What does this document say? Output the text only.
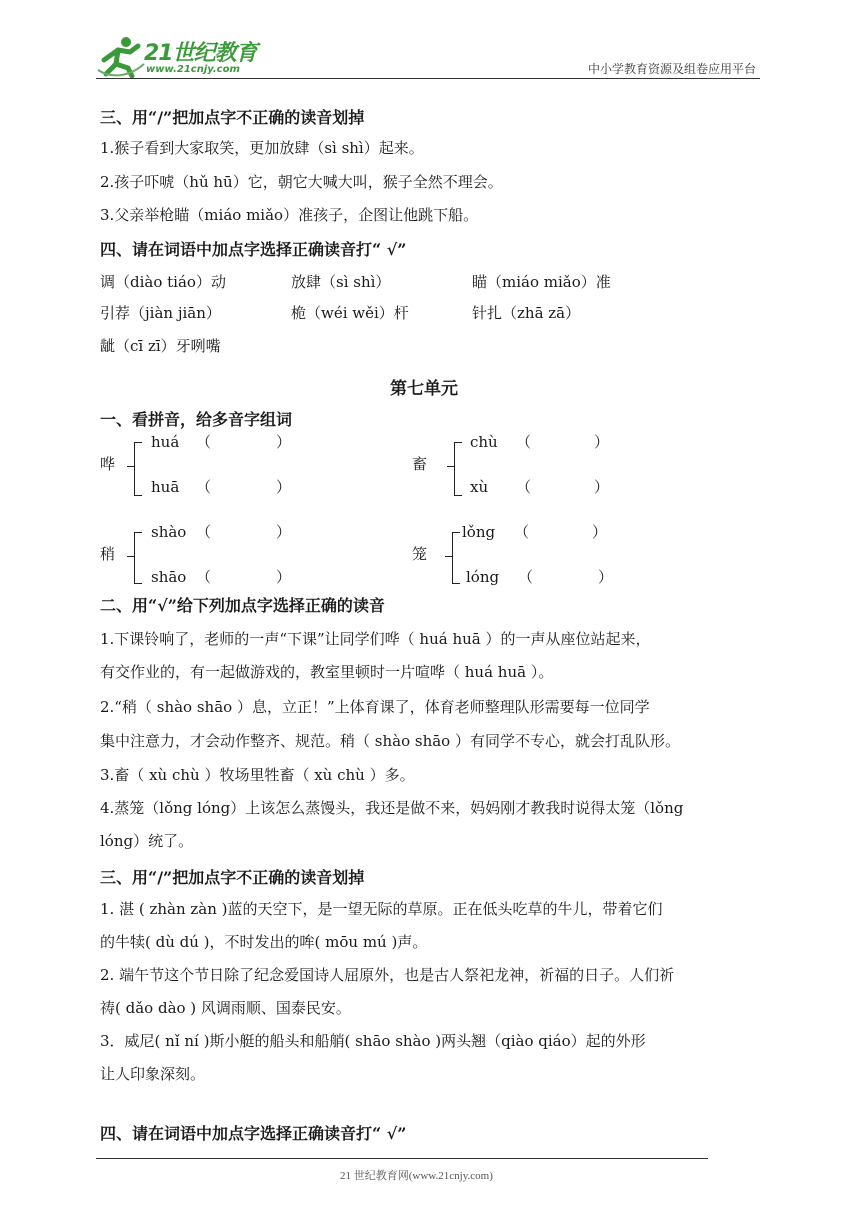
21世纪教育
www.21cnjy.com	中小学教育资源及组卷应用平台
三、用“/”把加点字不正确的读音划掉
1.猴子看到大家取笑，更加放肆（sì shì）起来。
2.孩子吓唬（hǔ hū）它，朝它大喊大叫，猴子全然不理会。
3.父亲举枪瞄（miáo miǎo）准孩子，企图让他跳下船。
四、请在词语中加点字选择正确读音打“ √”
调（diào tiáo）动	放肆（sì shì）	瞄（miáo miǎo）准
引荐（jiàn jiān）	桅（wéi wěi）杆	针扎（zhā zā）
龇（cī zī）牙咧嘴
第七单元
一、看拼音，给多音字组词
哗
huá （	）
huā （	）
畜
chù （	）
xù （	）
稍
shào （	）
shāo （	）
笼
lǒng （	）
lóng （	）
二、用“√”给下列加点字选择正确的读音
1.下课铃响了，老师的一声“下课”让同学们哗（ huá huā ）的一声从座位站起来，
有交作业的，有一起做游戏的，教室里顿时一片喧哗（ huá huā ）。
2.“稍（ shào shāo ）息，立正！”上体育课了，体育老师整理队形需要每一位同学
集中注意力，才会动作整齐、规范。稍（ shào shāo ）有同学不专心，就会打乱队形。
3.畜（ xù chù ）牧场里牲畜（ xù chù ）多。
4.蒸笼（lǒng lóng）上该怎么蒸馒头，我还是做不来，妈妈刚才教我时说得太笼（lǒng
lóng）统了。
三、用“/”把加点字不正确的读音划掉
1. 湛 ( zhàn zàn )蓝的天空下，是一望无际的草原。正在低头吃草的牛儿，带着它们
的牛犊( dù dú )，不时发出的哞( mōu mú )声。
2. 端午节这个节日除了纪念爱国诗人屈原外，也是古人祭祀龙神，祈福的日子。人们祈
祷( dǎo dào ) 风调雨顺、国泰民安。
3．威尼( nǐ ní )斯小艇的船头和船艄( shāo shào )两头翘（qiào qiáo）起的外形
让人印象深刻。
四、请在词语中加点字选择正确读音打“ √”
21 世纪教育网(www.21cnjy.com)
